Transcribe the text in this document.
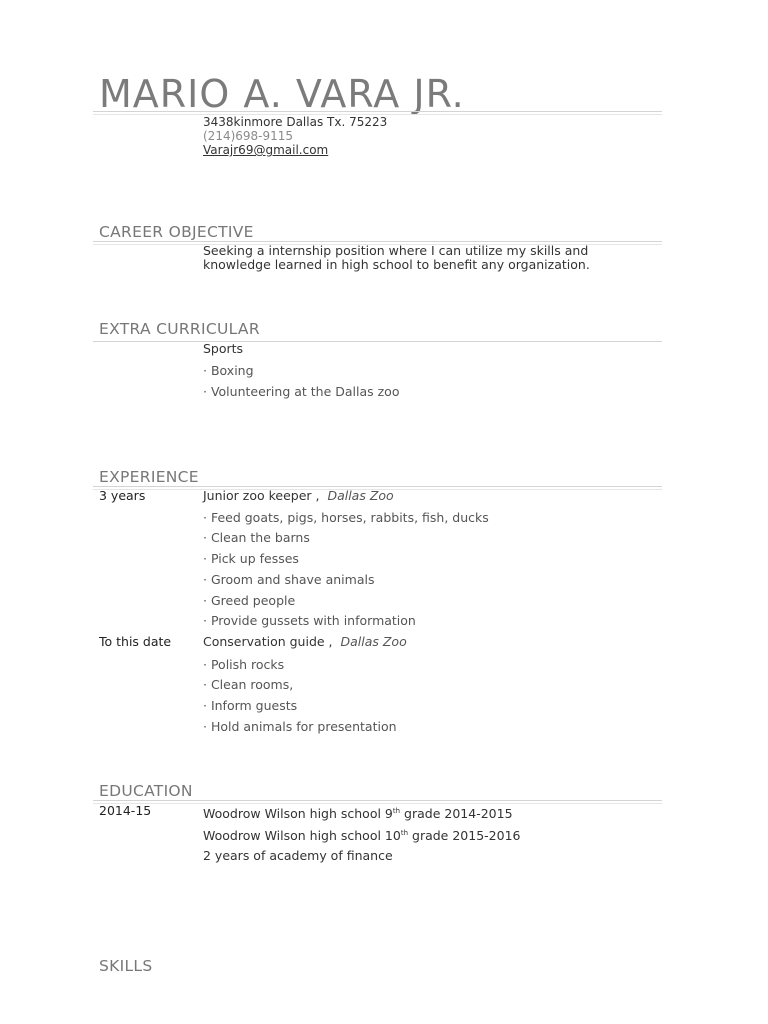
MARIO A. VARA JR.
3438kinmore Dallas Tx. 75223
(214)698-9115
Varajr69@gmail.com
CAREER OBJECTIVE
Seeking a internship position where I can utilize my skills and
knowledge learned in high school to benefit any organization.
EXTRA CURRICULAR
Sports
· Boxing
· Volunteering at the Dallas zoo
EXPERIENCE
3 years	Junior zoo keeper , Dallas Zoo
· Feed goats, pigs, horses, rabbits, fish, ducks
· Clean the barns
· Pick up fesses
· Groom and shave animals
· Greed people
· Provide gussets with information
To this date	Conservation guide , Dallas Zoo
· Polish rocks
· Clean rooms,
· Inform guests
· Hold animals for presentation
EDUCATION
2014-15	Woodrow Wilson high school 9th grade 2014-2015
Woodrow Wilson high school 10th grade 2015-2016
2 years of academy of finance
SKILLS
